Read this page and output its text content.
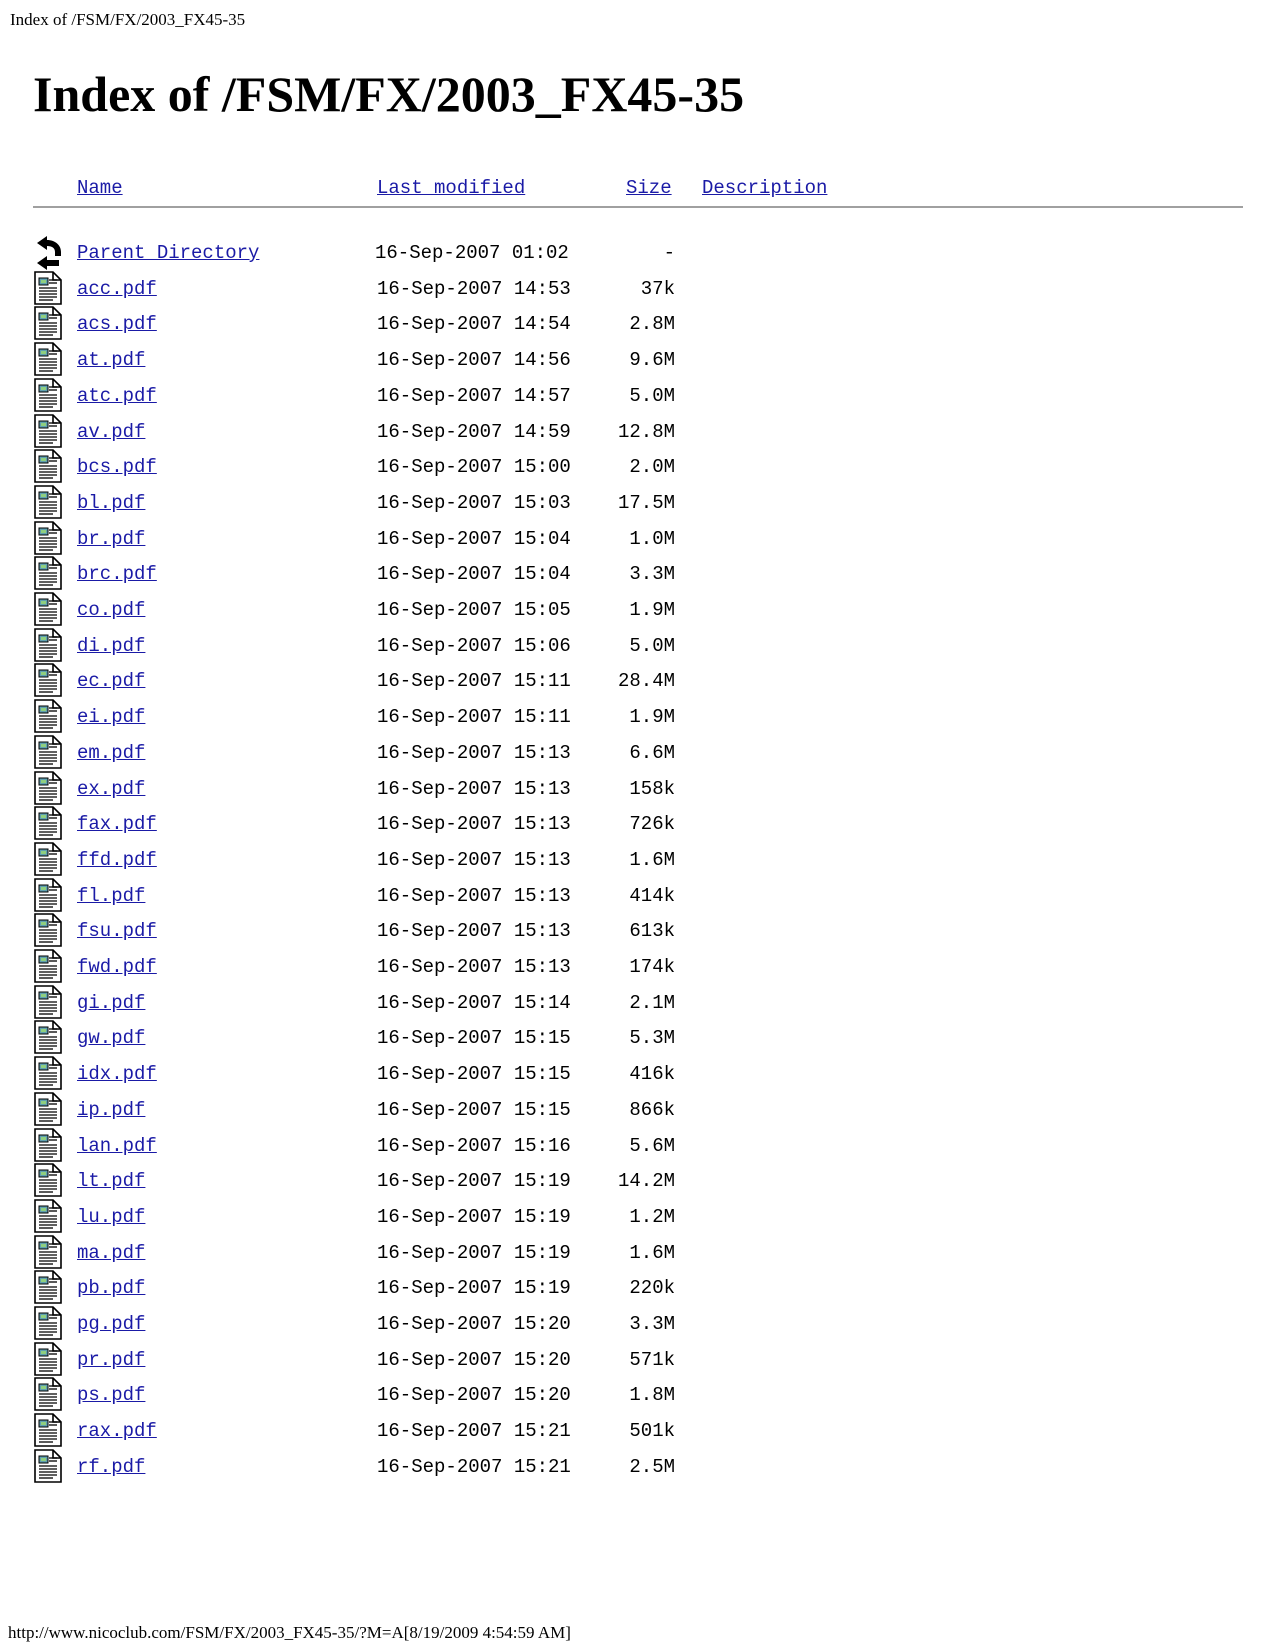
Index of /FSM/FX/2003_FX45-35
Index of /FSM/FX/2003_FX45-35
Name	Last modified	Size Description
Parent Directory	16-Sep-2007 01:02	-
acc.pdf	16-Sep-2007 14:53	37k
acs.pdf	16-Sep-2007 14:54	2.8M
at.pdf	16-Sep-2007 14:56	9.6M
atc.pdf	16-Sep-2007 14:57	5.0M
av.pdf	16-Sep-2007 14:59 12.8M
bcs.pdf	16-Sep-2007 15:00	2.0M
bl.pdf	16-Sep-2007 15:03 17.5M
br.pdf	16-Sep-2007 15:04	1.0M
brc.pdf	16-Sep-2007 15:04	3.3M
co.pdf	16-Sep-2007 15:05	1.9M
di.pdf	16-Sep-2007 15:06	5.0M
ec.pdf	16-Sep-2007 15:11 28.4M
ei.pdf	16-Sep-2007 15:11	1.9M
em.pdf	16-Sep-2007 15:13	6.6M
ex.pdf	16-Sep-2007 15:13	158k
fax.pdf	16-Sep-2007 15:13	726k
ffd.pdf	16-Sep-2007 15:13	1.6M
fl.pdf	16-Sep-2007 15:13	414k
fsu.pdf	16-Sep-2007 15:13	613k
fwd.pdf	16-Sep-2007 15:13	174k
gi.pdf	16-Sep-2007 15:14	2.1M
gw.pdf	16-Sep-2007 15:15	5.3M
idx.pdf	16-Sep-2007 15:15	416k
ip.pdf	16-Sep-2007 15:15	866k
lan.pdf	16-Sep-2007 15:16	5.6M
lt.pdf	16-Sep-2007 15:19 14.2M
lu.pdf	16-Sep-2007 15:19	1.2M
ma.pdf	16-Sep-2007 15:19	1.6M
pb.pdf	16-Sep-2007 15:19	220k
pg.pdf	16-Sep-2007 15:20	3.3M
pr.pdf	16-Sep-2007 15:20	571k
ps.pdf	16-Sep-2007 15:20	1.8M
rax.pdf	16-Sep-2007 15:21	501k
rf.pdf	16-Sep-2007 15:21	2.5M
http://www.nicoclub.com/FSM/FX/2003_FX45-35/?M=A[8/19/2009 4:54:59 AM]
